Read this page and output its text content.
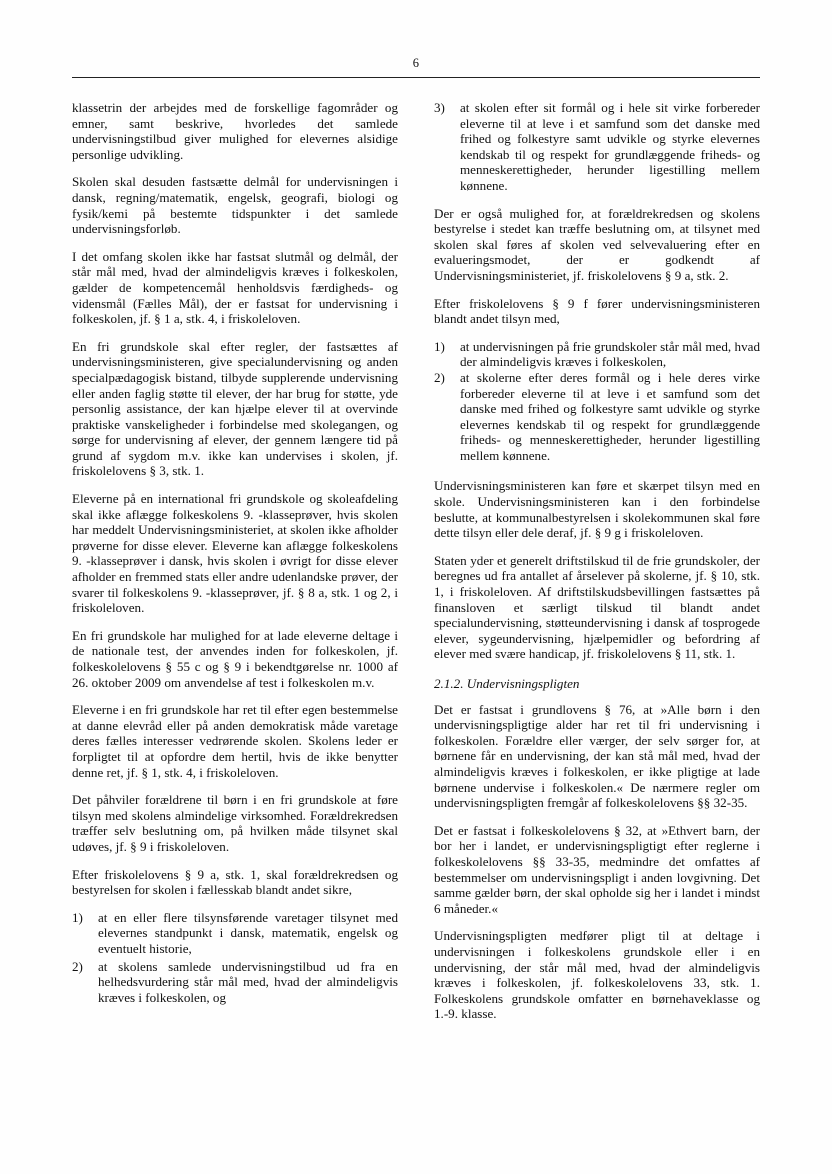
6

klassetrin der arbejdes med de forskellige fagområder og emner, samt beskrive, hvorledes det samlede undervisningstilbud giver mulighed for elevernes alsidige personlige udvikling.

Skolen skal desuden fastsætte delmål for undervisningen i dansk, regning/matematik, engelsk, geografi, biologi og fysik/kemi på bestemte tidspunkter i det samlede undervisningsforløb.

I det omfang skolen ikke har fastsat slutmål og delmål, der står mål med, hvad der almindeligvis kræves i folkeskolen, gælder de kompetencemål henholdsvis færdigheds- og vidensmål (Fælles Mål), der er fastsat for undervisning i folkeskolen, jf. § 1 a, stk. 4, i friskoleloven.

En fri grundskole skal efter regler, der fastsættes af undervisningsministeren, give specialundervisning og anden specialpædagogisk bistand, tilbyde supplerende undervisning eller anden faglig støtte til elever, der har brug for støtte, yde personlig assistance, der kan hjælpe elever til at overvinde praktiske vanskeligheder i forbindelse med skolegangen, og sørge for undervisning af elever, der gennem længere tid på grund af sygdom m.v. ikke kan undervises i skolen, jf. friskolelovens § 3, stk. 1.

Eleverne på en international fri grundskole og skoleafdeling skal ikke aflægge folkeskolens 9. -klasseprøver, hvis skolen har meddelt Undervisningsministeriet, at skolen ikke afholder prøverne for disse elever. Eleverne kan aflægge folkeskolens 9. -klasseprøver i dansk, hvis skolen i øvrigt for disse elever afholder en fremmed stats eller andre udenlandske prøver, der svarer til folkeskolens 9. -klasseprøver, jf. § 8 a, stk. 1 og 2, i friskoleloven.

En fri grundskole har mulighed for at lade eleverne deltage i de nationale test, der anvendes inden for folkeskolen, jf. folkeskolelovens § 55 c og § 9 i bekendtgørelse nr. 1000 af 26. oktober 2009 om anvendelse af test i folkeskolen m.v.

Eleverne i en fri grundskole har ret til efter egen bestemmelse at danne elevråd eller på anden demokratisk måde varetage deres fælles interesser vedrørende skolen. Skolens leder er forpligtet til at opfordre dem hertil, hvis de ikke benytter denne ret, jf. § 1, stk. 4, i friskoleloven.

Det påhviler forældrene til børn i en fri grundskole at føre tilsyn med skolens almindelige virksomhed. Forældrekredsen træffer selv beslutning om, på hvilken måde tilsynet skal udøves, jf. § 9 i friskoleloven.

Efter friskolelovens § 9 a, stk. 1, skal forældrekredsen og bestyrelsen for skolen i fællesskab blandt andet sikre,

1)	at en eller flere tilsynsførende varetager tilsynet med elevernes standpunkt i dansk, matematik, engelsk og eventuelt historie,
2)	at skolens samlede undervisningstilbud ud fra en helhedsvurdering står mål med, hvad der almindeligvis kræves i folkeskolen, og
3)	at skolen efter sit formål og i hele sit virke forbereder eleverne til at leve i et samfund som det danske med frihed og folkestyre samt udvikle og styrke elevernes kendskab til og respekt for grundlæggende friheds- og menneskerettigheder, herunder ligestilling mellem kønnene.

Der er også mulighed for, at forældrekredsen og skolens bestyrelse i stedet kan træffe beslutning om, at tilsynet med skolen skal føres af skolen ved selvevaluering efter en evalueringsmodet, der er godkendt af Undervisningsministeriet, jf. friskolelovens § 9 a, stk. 2.

Efter friskolelovens § 9 f fører undervisningsministeren blandt andet tilsyn med,

1)	at undervisningen på frie grundskoler står mål med, hvad der almindeligvis kræves i folkeskolen,
2)	at skolerne efter deres formål og i hele deres virke forbereder eleverne til at leve i et samfund som det danske med frihed og folkestyre samt udvikle og styrke elevernes kendskab til og respekt for grundlæggende friheds- og menneskerettigheder, herunder ligestilling mellem kønnene.

Undervisningsministeren kan føre et skærpet tilsyn med en skole. Undervisningsministeren kan i den forbindelse beslutte, at kommunalbestyrelsen i skolekommunen skal føre dette tilsyn eller dele deraf, jf. § 9 g i friskoleloven.

Staten yder et generelt driftstilskud til de frie grundskoler, der beregnes ud fra antallet af årselever på skolerne, jf. § 10, stk. 1, i friskoleloven. Af driftstilskudsbevillingen fastsættes på finansloven et særligt tilskud til blandt andet specialundervisning, støtteundervisning i dansk af tosprogede elever, sygeundervisning, hjælpemidler og befordring af elever med svære handicap, jf. friskolelovens § 11, stk. 1.

2.1.2. Undervisningspligten

Det er fastsat i grundlovens § 76, at »Alle børn i den undervisningspligtige alder har ret til fri undervisning i folkeskolen. Forældre eller værger, der selv sørger for, at børnene får en undervisning, der kan stå mål med, hvad der almindeligvis kræves i folkeskolen, er ikke pligtige at lade børnene undervise i folkeskolen.« De nærmere regler om undervisningspligten fremgår af folkeskolelovens §§ 32-35.

Det er fastsat i folkeskolelovens § 32, at »Ethvert barn, der bor her i landet, er undervisningspligtigt efter reglerne i folkeskolelovens §§ 33-35, medmindre det omfattes af bestemmelser om undervisningspligt i anden lovgivning. Det samme gælder børn, der skal opholde sig her i landet i mindst 6 måneder.«

Undervisningspligten medfører pligt til at deltage i undervisningen i folkeskolens grundskole eller i en undervisning, der står mål med, hvad der almindeligvis kræves i folkeskolen, jf. folkeskolelovens 33, stk. 1. Folkeskolens grundskole omfatter en børnehaveklasse og 1.-9. klasse.
